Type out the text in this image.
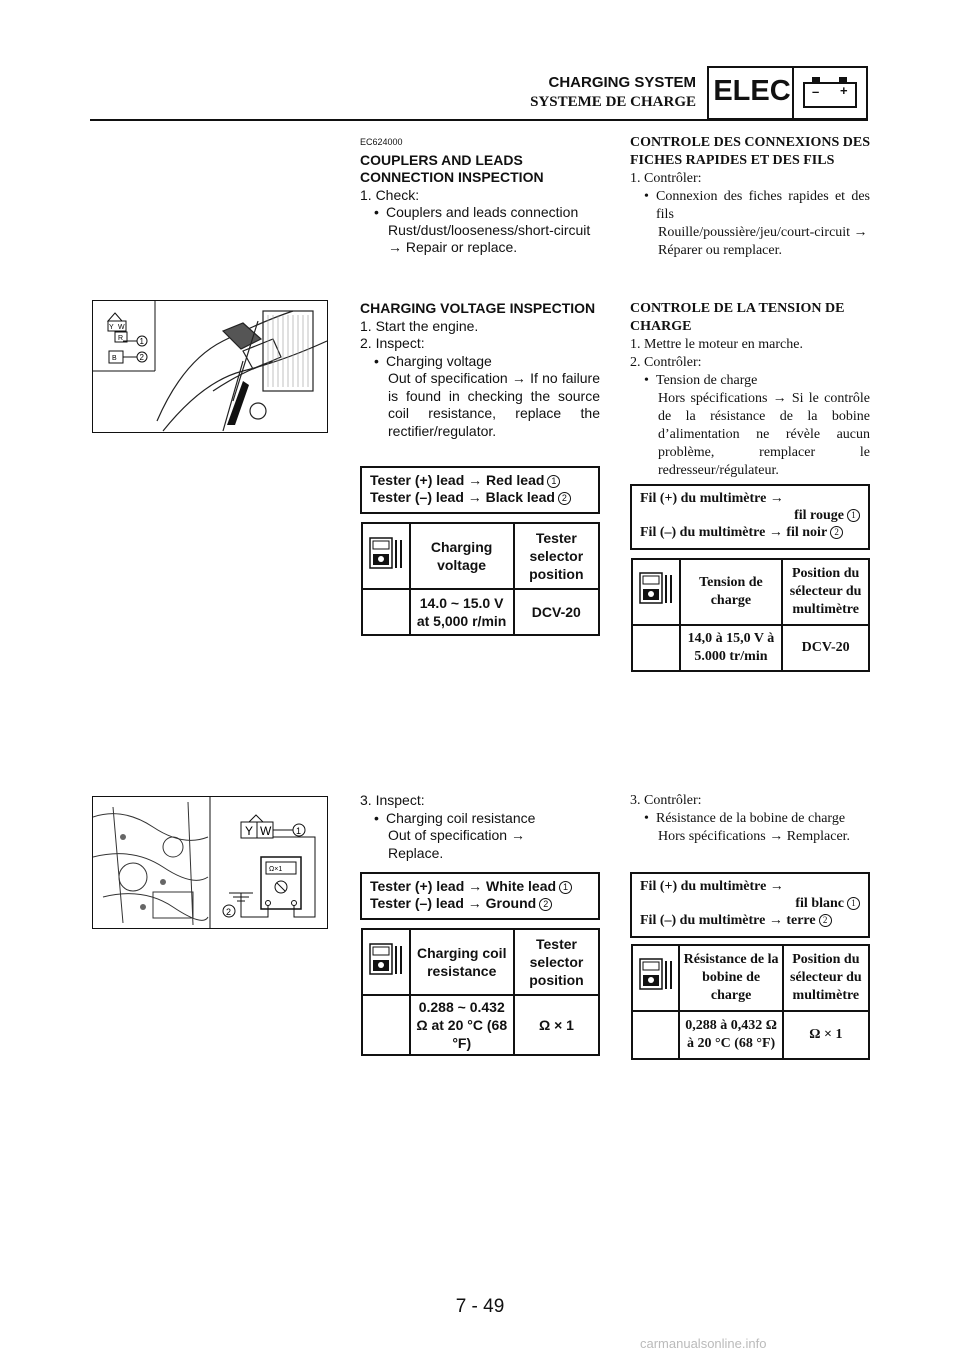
CHARGING SYSTEM
SYSTEME DE CHARGE ELEC – +
EC624000
COUPLERS AND LEADS CONNECTION INSPECTION
1. Check:
• Couplers and leads connection
Rust/dust/looseness/short-circuit → Repair or replace.
CONTROLE DES CONNEXIONS DES FICHES RAPIDES ET DES FILS
1. Contrôler:
• Connexion des fiches rapides et des fils
Rouille/poussière/jeu/court-circuit → Réparer ou remplacer.
Y W
R
B
1
2
CHARGING VOLTAGE INSPECTION
1. Start the engine.
2. Inspect:
• Charging voltage
Out of specification → If no failure is found in checking the source coil resistance, replace the rectifier/regulator.
Tester (+) lead → Red lead 1
Tester (–) lead → Black lead 2
	Charging voltage	Tester selector position
	14.0 ~ 15.0 V at 5,000 r/min	DCV-20
CONTROLE DE LA TENSION DE CHARGE
1. Mettre le moteur en marche.
2. Contrôler:
• Tension de charge
Hors spécifications → Si le contrôle de la résistance de la bobine d’alimentation ne révèle aucun problème, remplacer le redresseur/régulateur.
Fil (+) du multimètre →
fil rouge 1
Fil (–) du multimètre → fil noir 2
	Tension de charge	Position du sélecteur du multimètre
	14,0 à 15,0 V à 5.000 tr/min	DCV-20
Y W	1
Ω×1
2
3. Inspect:
• Charging coil resistance
Out of specification → Replace.
Tester (+) lead → White lead 1
Tester (–) lead → Ground 2
	Charging coil resistance	Tester selector position
	0.288 ~ 0.432 Ω at 20 °C (68 °F)	Ω × 1
3. Contrôler:
• Résistance de la bobine de charge
Hors spécifications → Remplacer.
Fil (+) du multimètre →
fil blanc 1
Fil (–) du multimètre → terre 2
	Résistance de la bobine de charge	Position du sélecteur du multimètre
	0,288 à 0,432 Ω à 20 °C (68 °F)	Ω × 1
7 - 49
carmanualsonline.info
